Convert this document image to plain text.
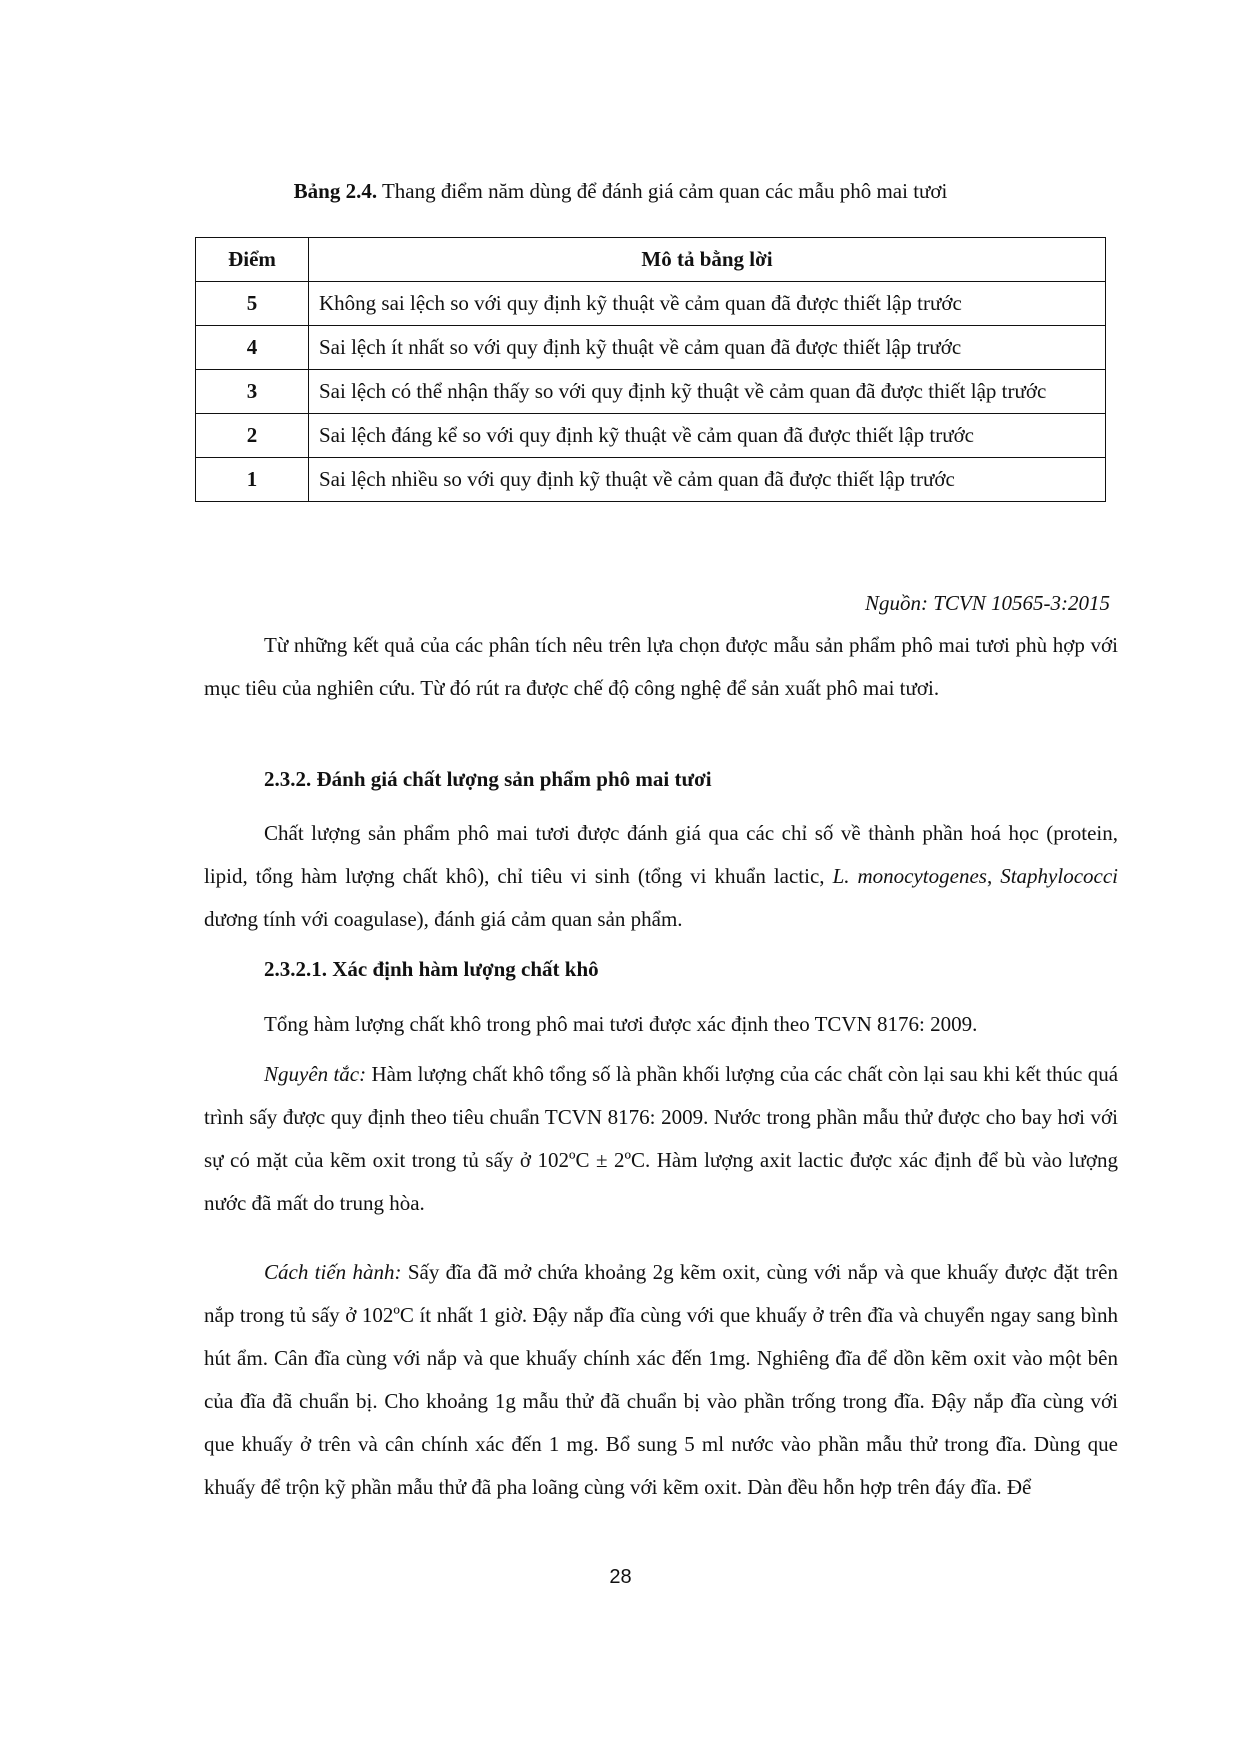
Bảng 2.4. Thang điểm năm dùng để đánh giá cảm quan các mẫu phô mai tươi
Điểm	Mô tả bằng lời
5	Không sai lệch so với quy định kỹ thuật về cảm quan đã được thiết lập trước
4	Sai lệch ít nhất so với quy định kỹ thuật về cảm quan đã được thiết lập trước
3	Sai lệch có thể nhận thấy so với quy định kỹ thuật về cảm quan đã được thiết lập trước
2	Sai lệch đáng kể so với quy định kỹ thuật về cảm quan đã được thiết lập trước
1	Sai lệch nhiều so với quy định kỹ thuật về cảm quan đã được thiết lập trước
Nguồn: TCVN 10565-3:2015

Từ những kết quả của các phân tích nêu trên lựa chọn được mẫu sản phẩm phô mai tươi phù hợp với mục tiêu của nghiên cứu. Từ đó rút ra được chế độ công nghệ để sản xuất phô mai tươi.

2.3.2. Đánh giá chất lượng sản phẩm phô mai tươi

Chất lượng sản phẩm phô mai tươi được đánh giá qua các chỉ số về thành phần hoá học (protein, lipid, tổng hàm lượng chất khô), chỉ tiêu vi sinh (tổng vi khuẩn lactic, L. monocytogenes, Staphylococci dương tính với coagulase), đánh giá cảm quan sản phẩm.

2.3.2.1. Xác định hàm lượng chất khô

Tổng hàm lượng chất khô trong phô mai tươi được xác định theo TCVN 8176: 2009.

Nguyên tắc: Hàm lượng chất khô tổng số là phần khối lượng của các chất còn lại sau khi kết thúc quá trình sấy được quy định theo tiêu chuẩn TCVN 8176: 2009. Nước trong phần mẫu thử được cho bay hơi với sự có mặt của kẽm oxit trong tủ sấy ở 102ºC ± 2ºC. Hàm lượng axit lactic được xác định để bù vào lượng nước đã mất do trung hòa.

Cách tiến hành: Sấy đĩa đã mở chứa khoảng 2g kẽm oxit, cùng với nắp và que khuấy được đặt trên nắp trong tủ sấy ở 102ºC ít nhất 1 giờ. Đậy nắp đĩa cùng với que khuấy ở trên đĩa và chuyển ngay sang bình hút ẩm. Cân đĩa cùng với nắp và que khuấy chính xác đến 1mg. Nghiêng đĩa để dồn kẽm oxit vào một bên của đĩa đã chuẩn bị. Cho khoảng 1g mẫu thử đã chuẩn bị vào phần trống trong đĩa. Đậy nắp đĩa cùng với que khuấy ở trên và cân chính xác đến 1 mg. Bổ sung 5 ml nước vào phần mẫu thử trong đĩa. Dùng que khuấy để trộn kỹ phần mẫu thử đã pha loãng cùng với kẽm oxit. Dàn đều hỗn hợp trên đáy đĩa. Để

28
